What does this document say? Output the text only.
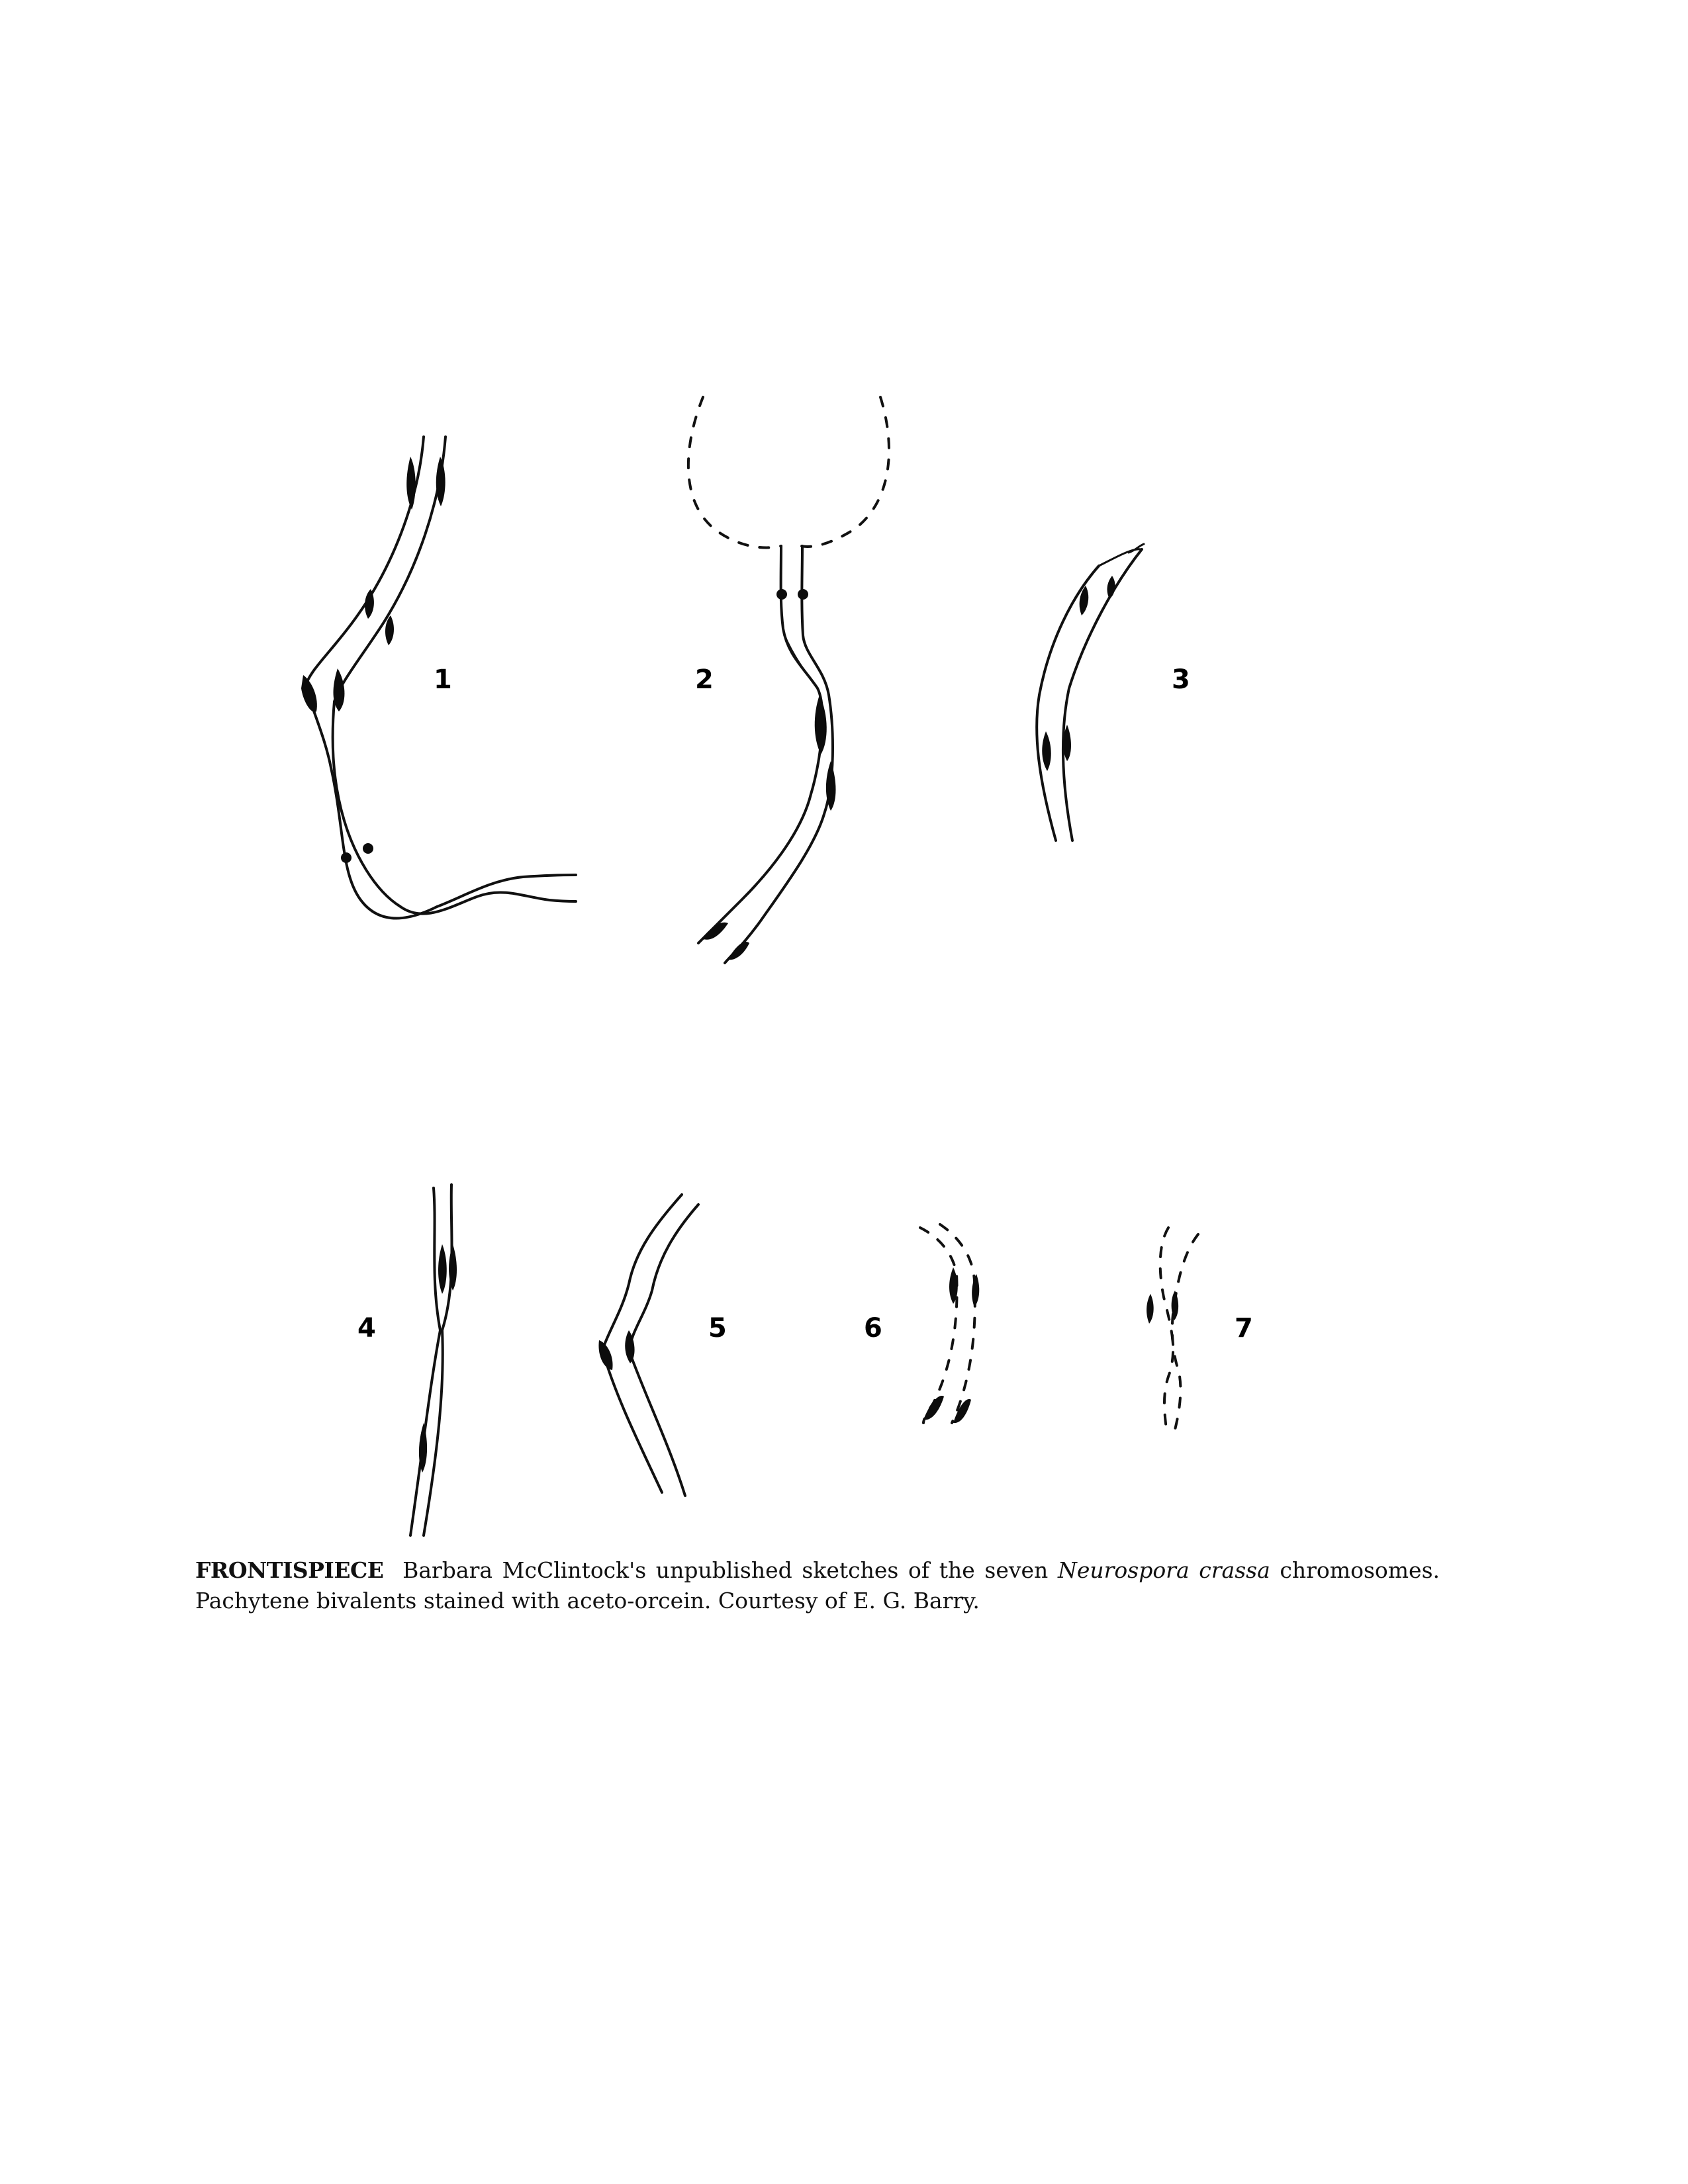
1	2	3
4	5	6	7
FRONTISPIECE Barbara McClintock's unpublished sketches of the seven Neurospora crassa chromosomes. Pachytene bivalents stained with aceto-orcein. Courtesy of E. G. Barry.
